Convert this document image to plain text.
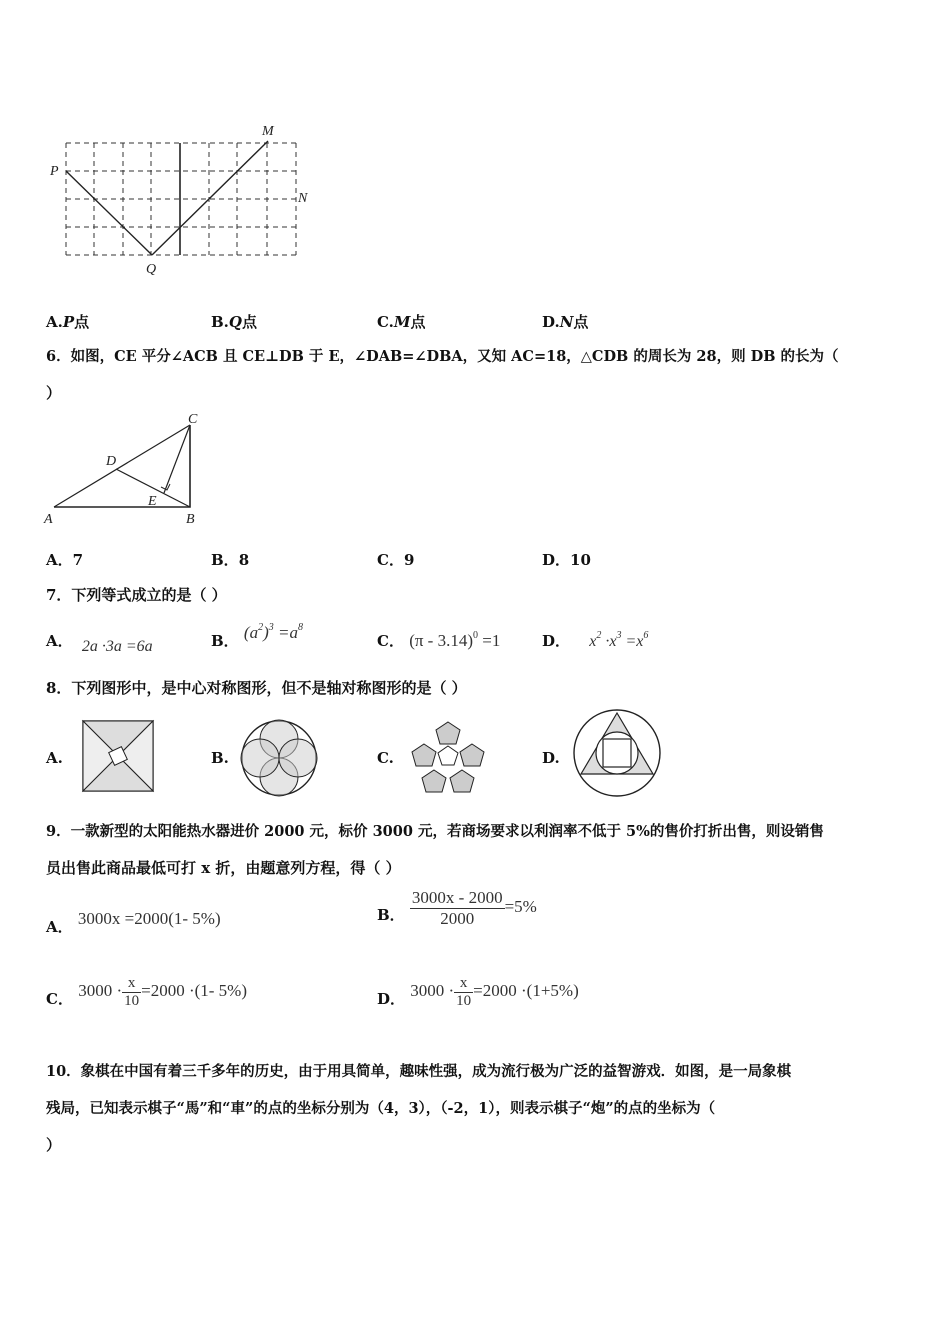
P
Q
M
N
A.P点	B.Q点	C.M点	D.N点
6．如图，CE 平分∠ACB 且 CE⊥DB 于 E，∠DAB=∠DBA，又知 AC=18，△CDB 的周长为 28，则 DB 的长为（
）
C
D
E
A	B
A．7	B．8	C．9	D．10
7．下列等式成立的是（ ）
A． 2a ·3a =6a	B． $(a^2)^3 =a^8$
C． (π - 3.14)$^0$ =1	D． $x^2 \cdot x^3 =x^6$
8．下列图形中，是中心对称图形，但不是轴对称图形的是（ ）
A.	B.	C.	D.
9．一款新型的太阳能热水器进价 2000 元，标价 3000 元，若商场要求以利润率不低于 5%的售价打折出售，则设销售
员出售此商品最低可打 x 折，由题意列方程，得（ ）
A． 3000x =2000(1- 5%)	B． $\frac{3000x - 2000}{2000} =5\%$
C． $3000 \cdot \frac{x}{10} =2000 \cdot(1-$ 5%)	D． $3000 \cdot \frac{x}{10} =2000 \cdot(1+5\%)$
10．象棋在中国有着三千多年的历史，由于用具简单，趣味性强，成为流行极为广泛的益智游戏．如图，是一局象棋
残局，已知表示棋子“馬”和“車”的点的坐标分别为（4，3），（-2，1），则表示棋子“炮”的点的坐标为（
）
